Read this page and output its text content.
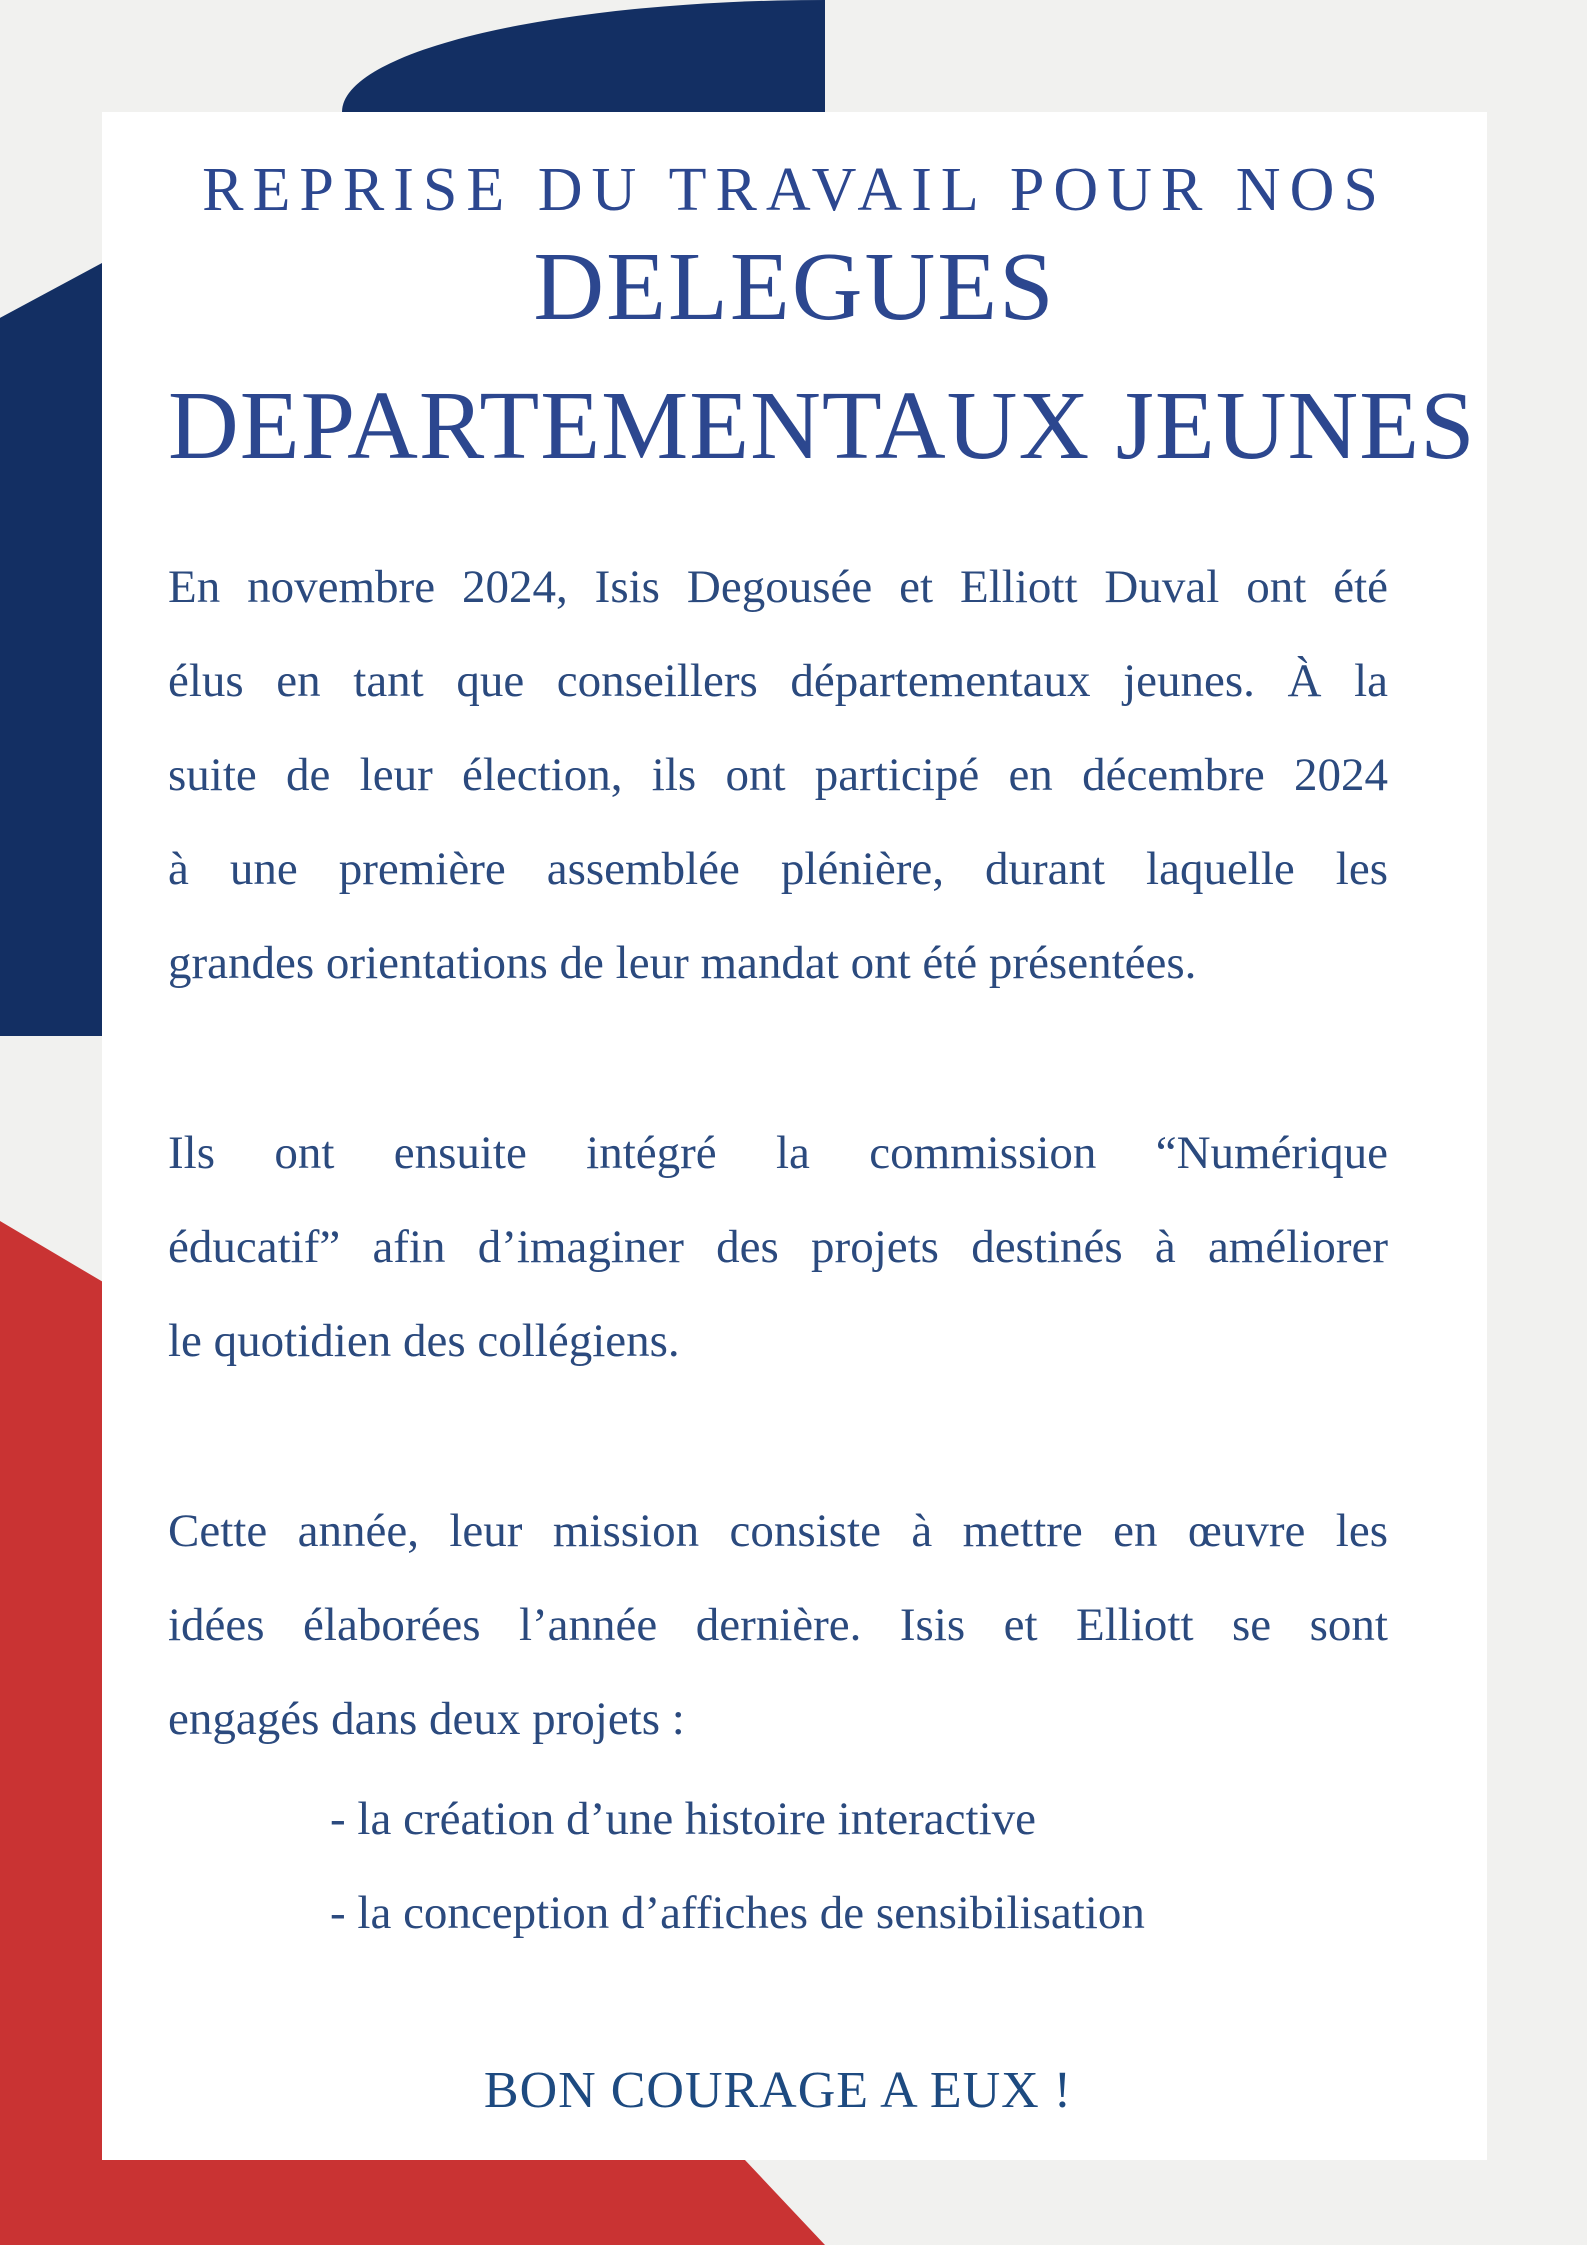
REPRISE DU TRAVAIL POUR NOS
DELEGUES
DEPARTEMENTAUX JEUNES
En novembre 2024, Isis Degousée et Elliott Duval ont été
élus en tant que conseillers départementaux jeunes. À la
suite de leur élection, ils ont participé en décembre 2024
à une première assemblée plénière, durant laquelle les
grandes orientations de leur mandat ont été présentées.
Ils ont ensuite intégré la commission “Numérique
éducatif” afin d’imaginer des projets destinés à améliorer
le quotidien des collégiens.
Cette année, leur mission consiste à mettre en œuvre les
idées élaborées l’année dernière. Isis et Elliott se sont
engagés dans deux projets :
- la création d’une histoire interactive
- la conception d’affiches de sensibilisation
BON COURAGE A EUX !
